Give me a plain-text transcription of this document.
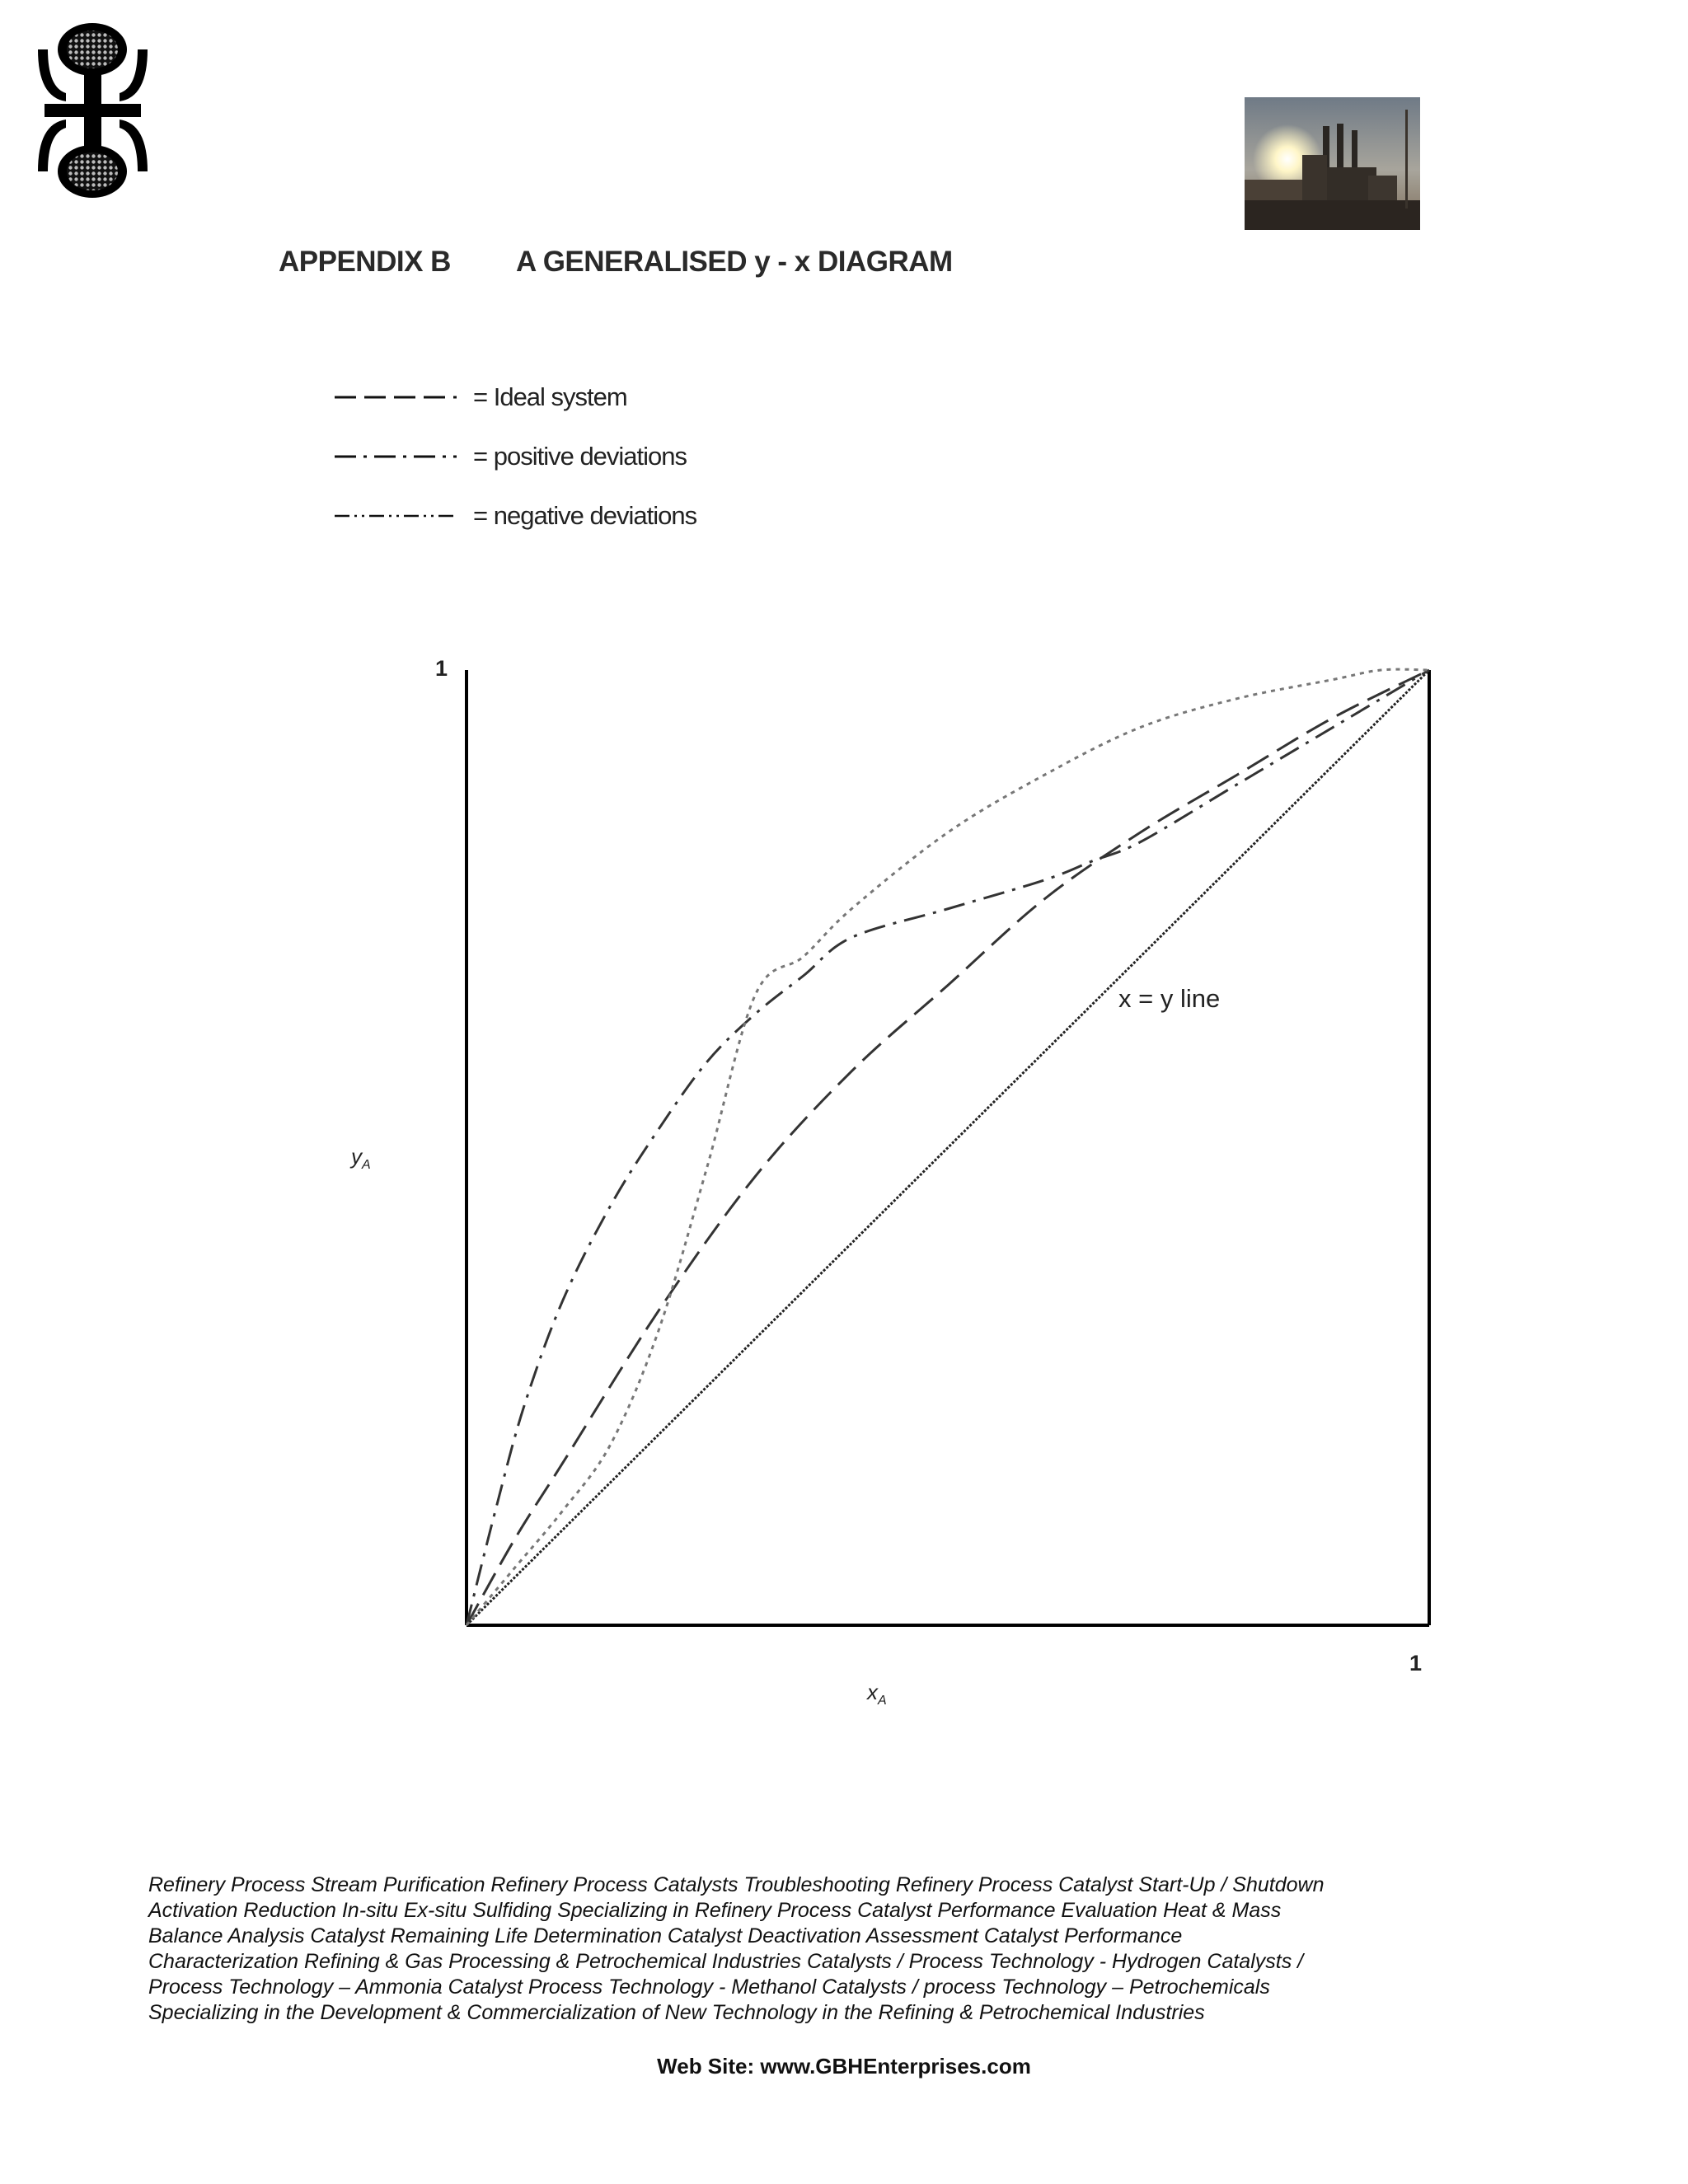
APPENDIX B A GENERALISED y - x DIAGRAM
= Ideal system
= positive deviations
= negative deviations
1
1
$y_A$
$x_A$
x = y line
Refinery Process Stream Purification Refinery Process Catalysts Troubleshooting Refinery Process Catalyst Start-Up / Shutdown
Activation Reduction In-situ Ex-situ Sulfiding Specializing in Refinery Process Catalyst Performance Evaluation Heat & Mass
Balance Analysis Catalyst Remaining Life Determination Catalyst Deactivation Assessment Catalyst Performance
Characterization Refining & Gas Processing & Petrochemical Industries Catalysts / Process Technology - Hydrogen Catalysts /
Process Technology – Ammonia Catalyst Process Technology - Methanol Catalysts / process Technology – Petrochemicals
Specializing in the Development & Commercialization of New Technology in the Refining & Petrochemical Industries
Web Site: www.GBHEnterprises.com
